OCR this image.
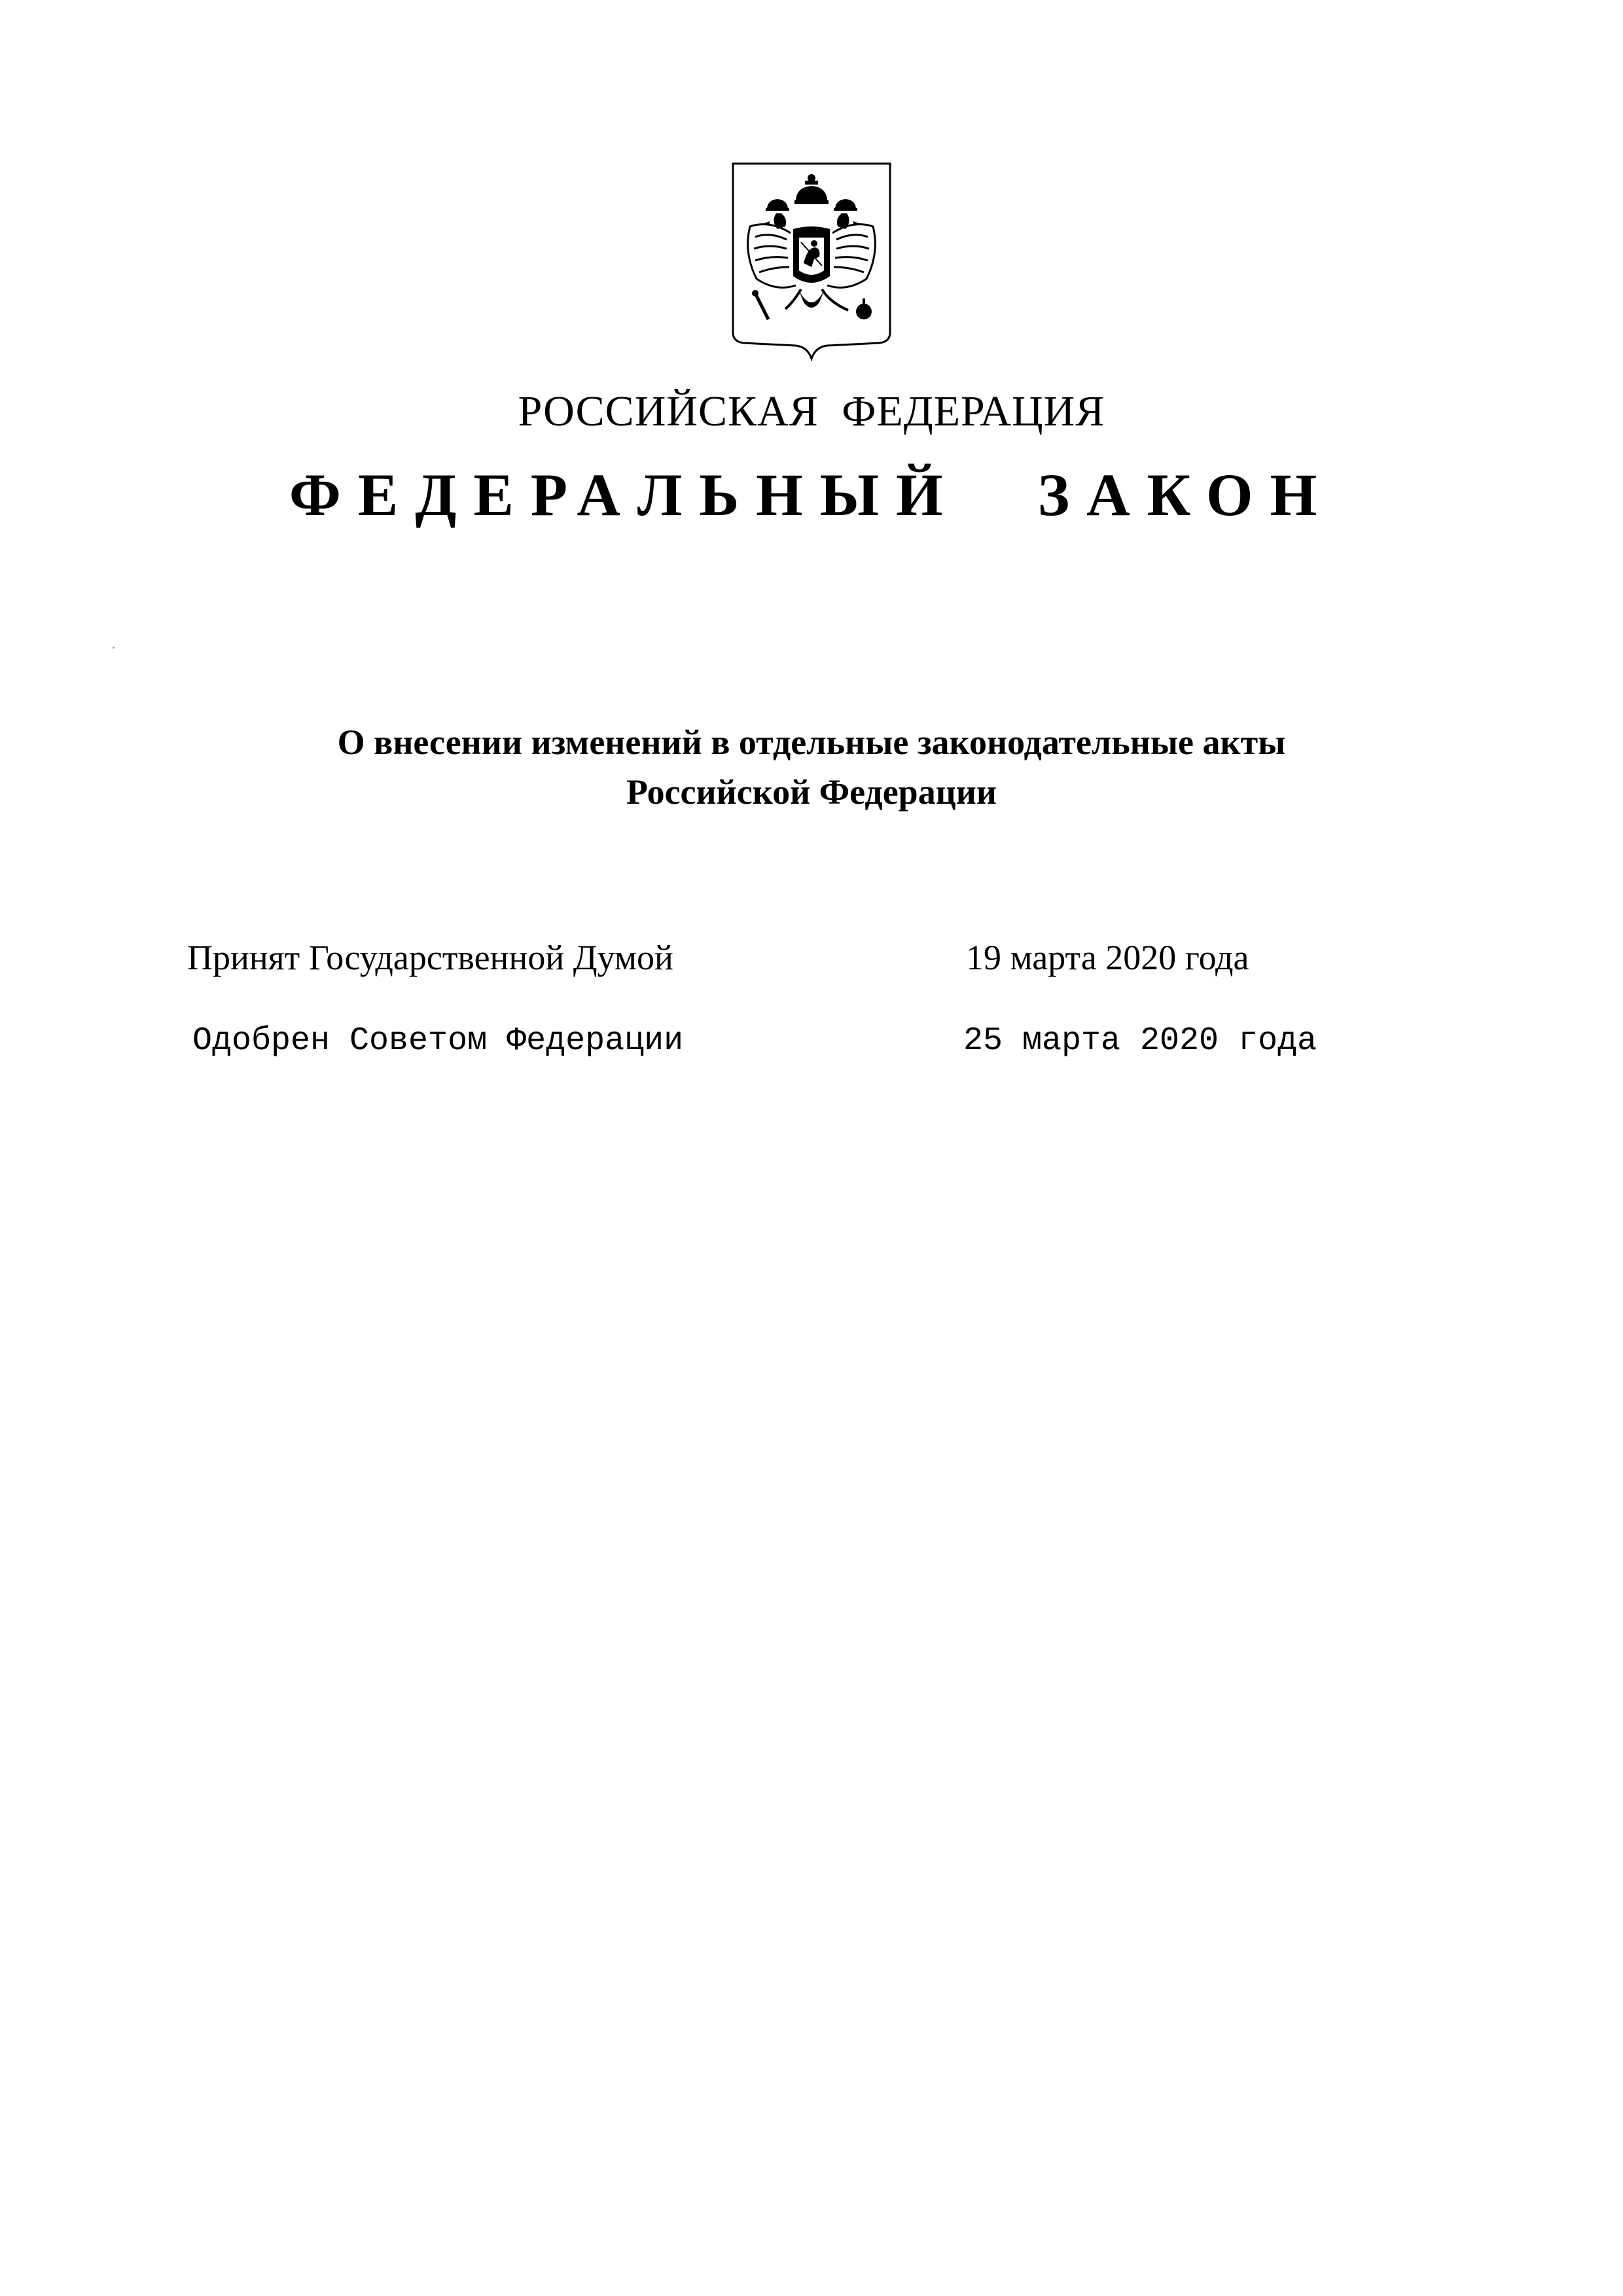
РОССИЙСКАЯ ФЕДЕРАЦИЯ
ФЕДЕРАЛЬНЫЙ ЗАКОН
О внесении изменений в отдельные законодательные акты
Российской Федерации
Принят Государственной Думой	19 марта 2020 года
Одобрен Советом Федерации	25 марта 2020 года
